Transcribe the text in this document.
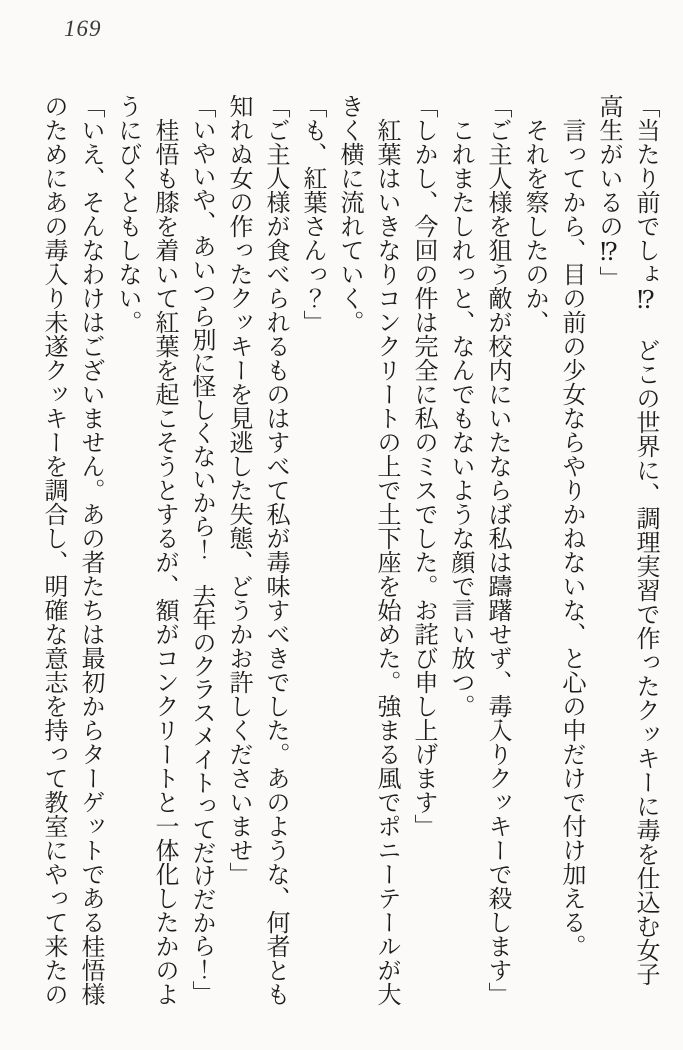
169

「当たり前でしょ⁉　どこの世界に、調理実習で作ったクッキーに毒を仕込む女子高生がいるの⁉」

言ってから、目の前の少女ならやりかねないな、と心の中だけで付け加える。

それを察したのか、

「ご主人様を狙う敵が校内にいたならば私は躊躇せず、毒入りクッキーで殺します」

これまたしれっと、なんでもないような顔で言い放つ。

「しかし、今回の件は完全に私のミスでした。お詫び申し上げます」

紅葉はいきなりコンクリートの上で土下座を始めた。強まる風でポニーテールが大きく横に流れていく。

「も、紅葉さんっ？」

「ご主人様が食べられるものはすべて私が毒味すべきでした。あのような、何者とも知れぬ女の作ったクッキーを見逃した失態、どうかお許しくださいませ」

「いやいや、あいつら別に怪しくないから！　去年のクラスメイトってだけだから！」

桂悟も膝を着いて紅葉を起こそうとするが、額がコンクリートと一体化したかのようにびくともしない。

「いえ、そんなわけはございません。あの者たちは最初からターゲットである桂悟様のためにあの毒入り未遂クッキーを調合し、明確な意志を持って教室にやって来たの
